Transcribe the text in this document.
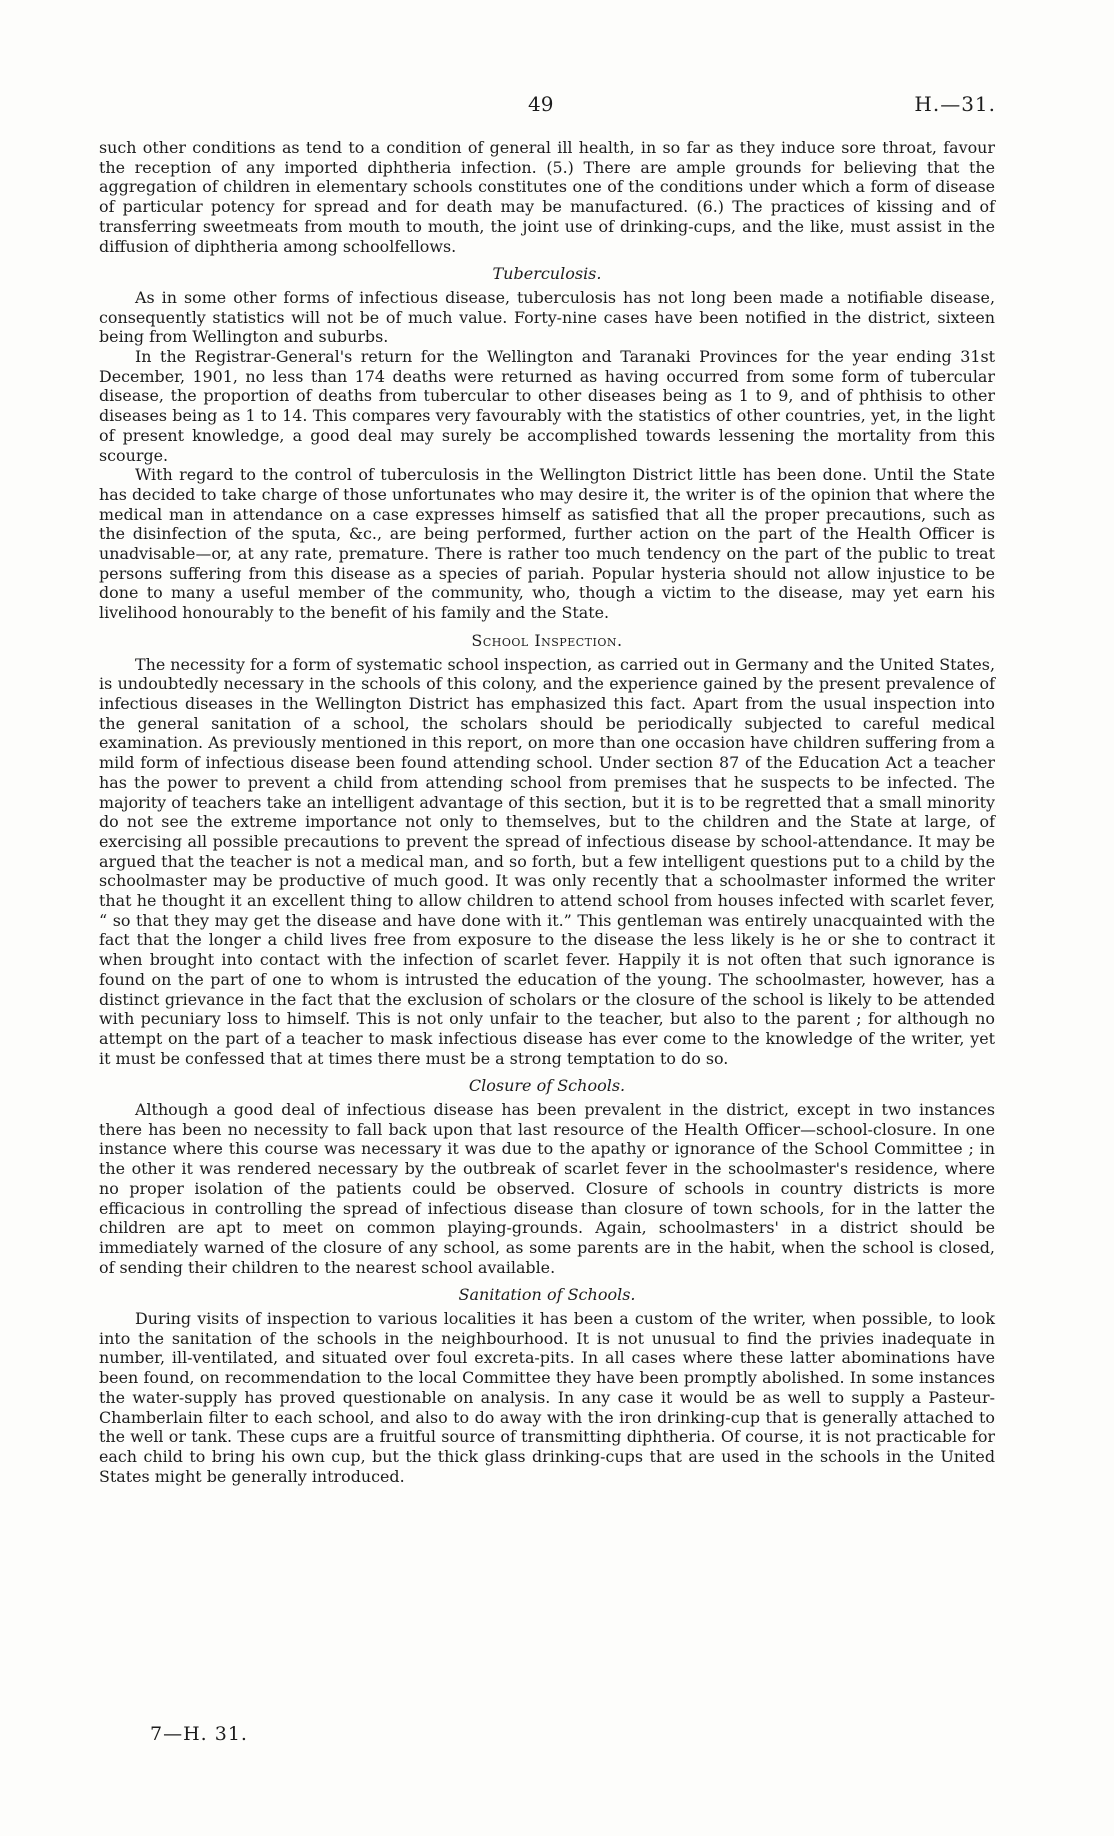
49	H.—31.

such other conditions as tend to a condition of general ill health, in so far as they induce sore throat, favour the reception of any imported diphtheria infection. (5.) There are ample grounds for believing that the aggregation of children in elementary schools constitutes one of the conditions under which a form of disease of particular potency for spread and for death may be manufactured. (6.) The practices of kissing and of transferring sweetmeats from mouth to mouth, the joint use of drinking-cups, and the like, must assist in the diffusion of diphtheria among schoolfellows.

Tuberculosis.

As in some other forms of infectious disease, tuberculosis has not long been made a notifiable disease, consequently statistics will not be of much value. Forty-nine cases have been notified in the district, sixteen being from Wellington and suburbs.

In the Registrar-General's return for the Wellington and Taranaki Provinces for the year ending 31st December, 1901, no less than 174 deaths were returned as having occurred from some form of tubercular disease, the proportion of deaths from tubercular to other diseases being as 1 to 9, and of phthisis to other diseases being as 1 to 14. This compares very favourably with the statistics of other countries, yet, in the light of present knowledge, a good deal may surely be accomplished towards lessening the mortality from this scourge.

With regard to the control of tuberculosis in the Wellington District little has been done. Until the State has decided to take charge of those unfortunates who may desire it, the writer is of the opinion that where the medical man in attendance on a case expresses himself as satisfied that all the proper precautions, such as the disinfection of the sputa, &c., are being performed, further action on the part of the Health Officer is unadvisable—or, at any rate, premature. There is rather too much tendency on the part of the public to treat persons suffering from this disease as a species of pariah. Popular hysteria should not allow injustice to be done to many a useful member of the community, who, though a victim to the disease, may yet earn his livelihood honourably to the benefit of his family and the State.

School Inspection.

The necessity for a form of systematic school inspection, as carried out in Germany and the United States, is undoubtedly necessary in the schools of this colony, and the experience gained by the present prevalence of infectious diseases in the Wellington District has emphasized this fact. Apart from the usual inspection into the general sanitation of a school, the scholars should be periodically subjected to careful medical examination. As previously mentioned in this report, on more than one occasion have children suffering from a mild form of infectious disease been found attending school. Under section 87 of the Education Act a teacher has the power to prevent a child from attending school from premises that he suspects to be infected. The majority of teachers take an intelligent advantage of this section, but it is to be regretted that a small minority do not see the extreme importance not only to themselves, but to the children and the State at large, of exercising all possible precautions to prevent the spread of infectious disease by school-attendance. It may be argued that the teacher is not a medical man, and so forth, but a few intelligent questions put to a child by the schoolmaster may be productive of much good. It was only recently that a schoolmaster informed the writer that he thought it an excellent thing to allow children to attend school from houses infected with scarlet fever, “ so that they may get the disease and have done with it.” This gentleman was entirely unacquainted with the fact that the longer a child lives free from exposure to the disease the less likely is he or she to contract it when brought into contact with the infection of scarlet fever. Happily it is not often that such ignorance is found on the part of one to whom is intrusted the education of the young. The schoolmaster, however, has a distinct grievance in the fact that the exclusion of scholars or the closure of the school is likely to be attended with pecuniary loss to himself. This is not only unfair to the teacher, but also to the parent ; for although no attempt on the part of a teacher to mask infectious disease has ever come to the knowledge of the writer, yet it must be confessed that at times there must be a strong temptation to do so.

Closure of Schools.

Although a good deal of infectious disease has been prevalent in the district, except in two instances there has been no necessity to fall back upon that last resource of the Health Officer—school-closure. In one instance where this course was necessary it was due to the apathy or ignorance of the School Committee ; in the other it was rendered necessary by the outbreak of scarlet fever in the schoolmaster's residence, where no proper isolation of the patients could be observed. Closure of schools in country districts is more efficacious in controlling the spread of infectious disease than closure of town schools, for in the latter the children are apt to meet on common playing-grounds. Again, schoolmasters' in a district should be immediately warned of the closure of any school, as some parents are in the habit, when the school is closed, of sending their children to the nearest school available.

Sanitation of Schools.

During visits of inspection to various localities it has been a custom of the writer, when possible, to look into the sanitation of the schools in the neighbourhood. It is not unusual to find the privies inadequate in number, ill-ventilated, and situated over foul excreta-pits. In all cases where these latter abominations have been found, on recommendation to the local Committee they have been promptly abolished. In some instances the water-supply has proved questionable on analysis. In any case it would be as well to supply a Pasteur-Chamberlain filter to each school, and also to do away with the iron drinking-cup that is generally attached to the well or tank. These cups are a fruitful source of transmitting diphtheria. Of course, it is not practicable for each child to bring his own cup, but the thick glass drinking-cups that are used in the schools in the United States might be generally introduced.

7—H. 31.
